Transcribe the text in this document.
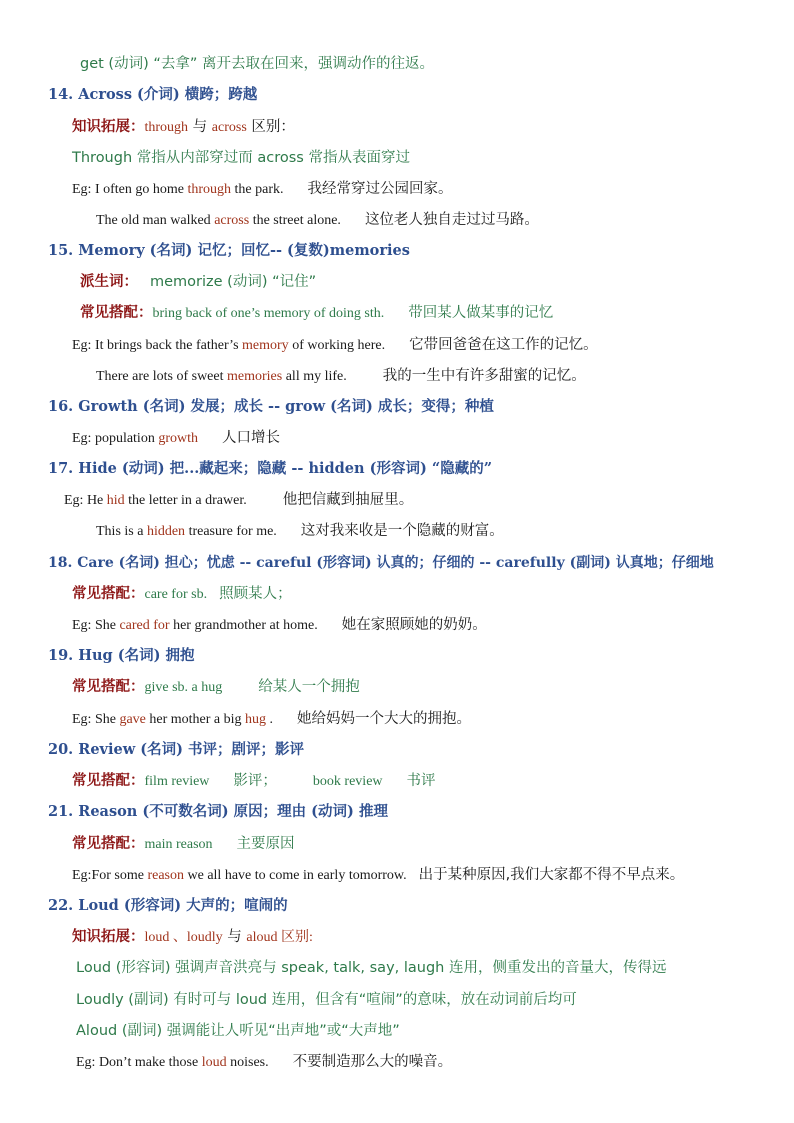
get (动词) “去拿” 离开去取在回来，强调动作的往返。
14. Across (介词) 横跨；跨越
知识拓展：through 与 across 区别：
Through 常指从内部穿过而 across 常指从表面穿过
Eg: I often go home through the park. 我经常穿过公园回家。
The old man walked across the street alone. 这位老人独自走过过马路。
15. Memory (名词) 记忆；回忆-- (复数)memories
派生词： memorize (动词) “记住”
常见搭配：bring back of one’s memory of doing sth. 带回某人做某事的记忆
Eg: It brings back the father’s memory of working here. 它带回爸爸在这工作的记忆。
There are lots of sweet memories all my life. 我的一生中有许多甜蜜的记忆。
16. Growth (名词) 发展；成长 -- grow (名词) 成长；变得；种植
Eg: population growth 人口增长
17. Hide (动词) 把...藏起来；隐藏 -- hidden (形容词) “隐藏的”
Eg: He hid the letter in a drawer. 他把信藏到抽屉里。
This is a hidden treasure for me. 这对我来收是一个隐藏的财富。
18. Care (名词) 担心；忧虑 -- careful (形容词) 认真的；仔细的 -- carefully (副词) 认真地；仔细地
常见搭配：care for sb. 照顾某人；
Eg: She cared for her grandmother at home. 她在家照顾她的奶奶。
19. Hug (名词) 拥抱
常见搭配：give sb. a hug 给某人一个拥抱
Eg: She gave her mother a big hug . 她给妈妈一个大大的拥抱。
20. Review (名词) 书评；剧评；影评
常见搭配：film review 影评；	book review 书评
21. Reason (不可数名词) 原因；理由 (动词) 推理
常见搭配：main reason 主要原因
Eg:For some reason we all have to come in early tomorrow. 出于某种原因,我们大家都不得不早点来。
22. Loud (形容词) 大声的；喧闹的
知识拓展：loud 、loudly 与 aloud 区别:
Loud (形容词) 强调声音洪亮与 speak, talk, say, laugh 连用，侧重发出的音量大，传得远
Loudly (副词) 有时可与 loud 连用，但含有“喧闹”的意味，放在动词前后均可
Aloud (副词) 强调能让人听见“出声地”或“大声地”
Eg: Don’t make those loud noises. 不要制造那么大的噪音。
